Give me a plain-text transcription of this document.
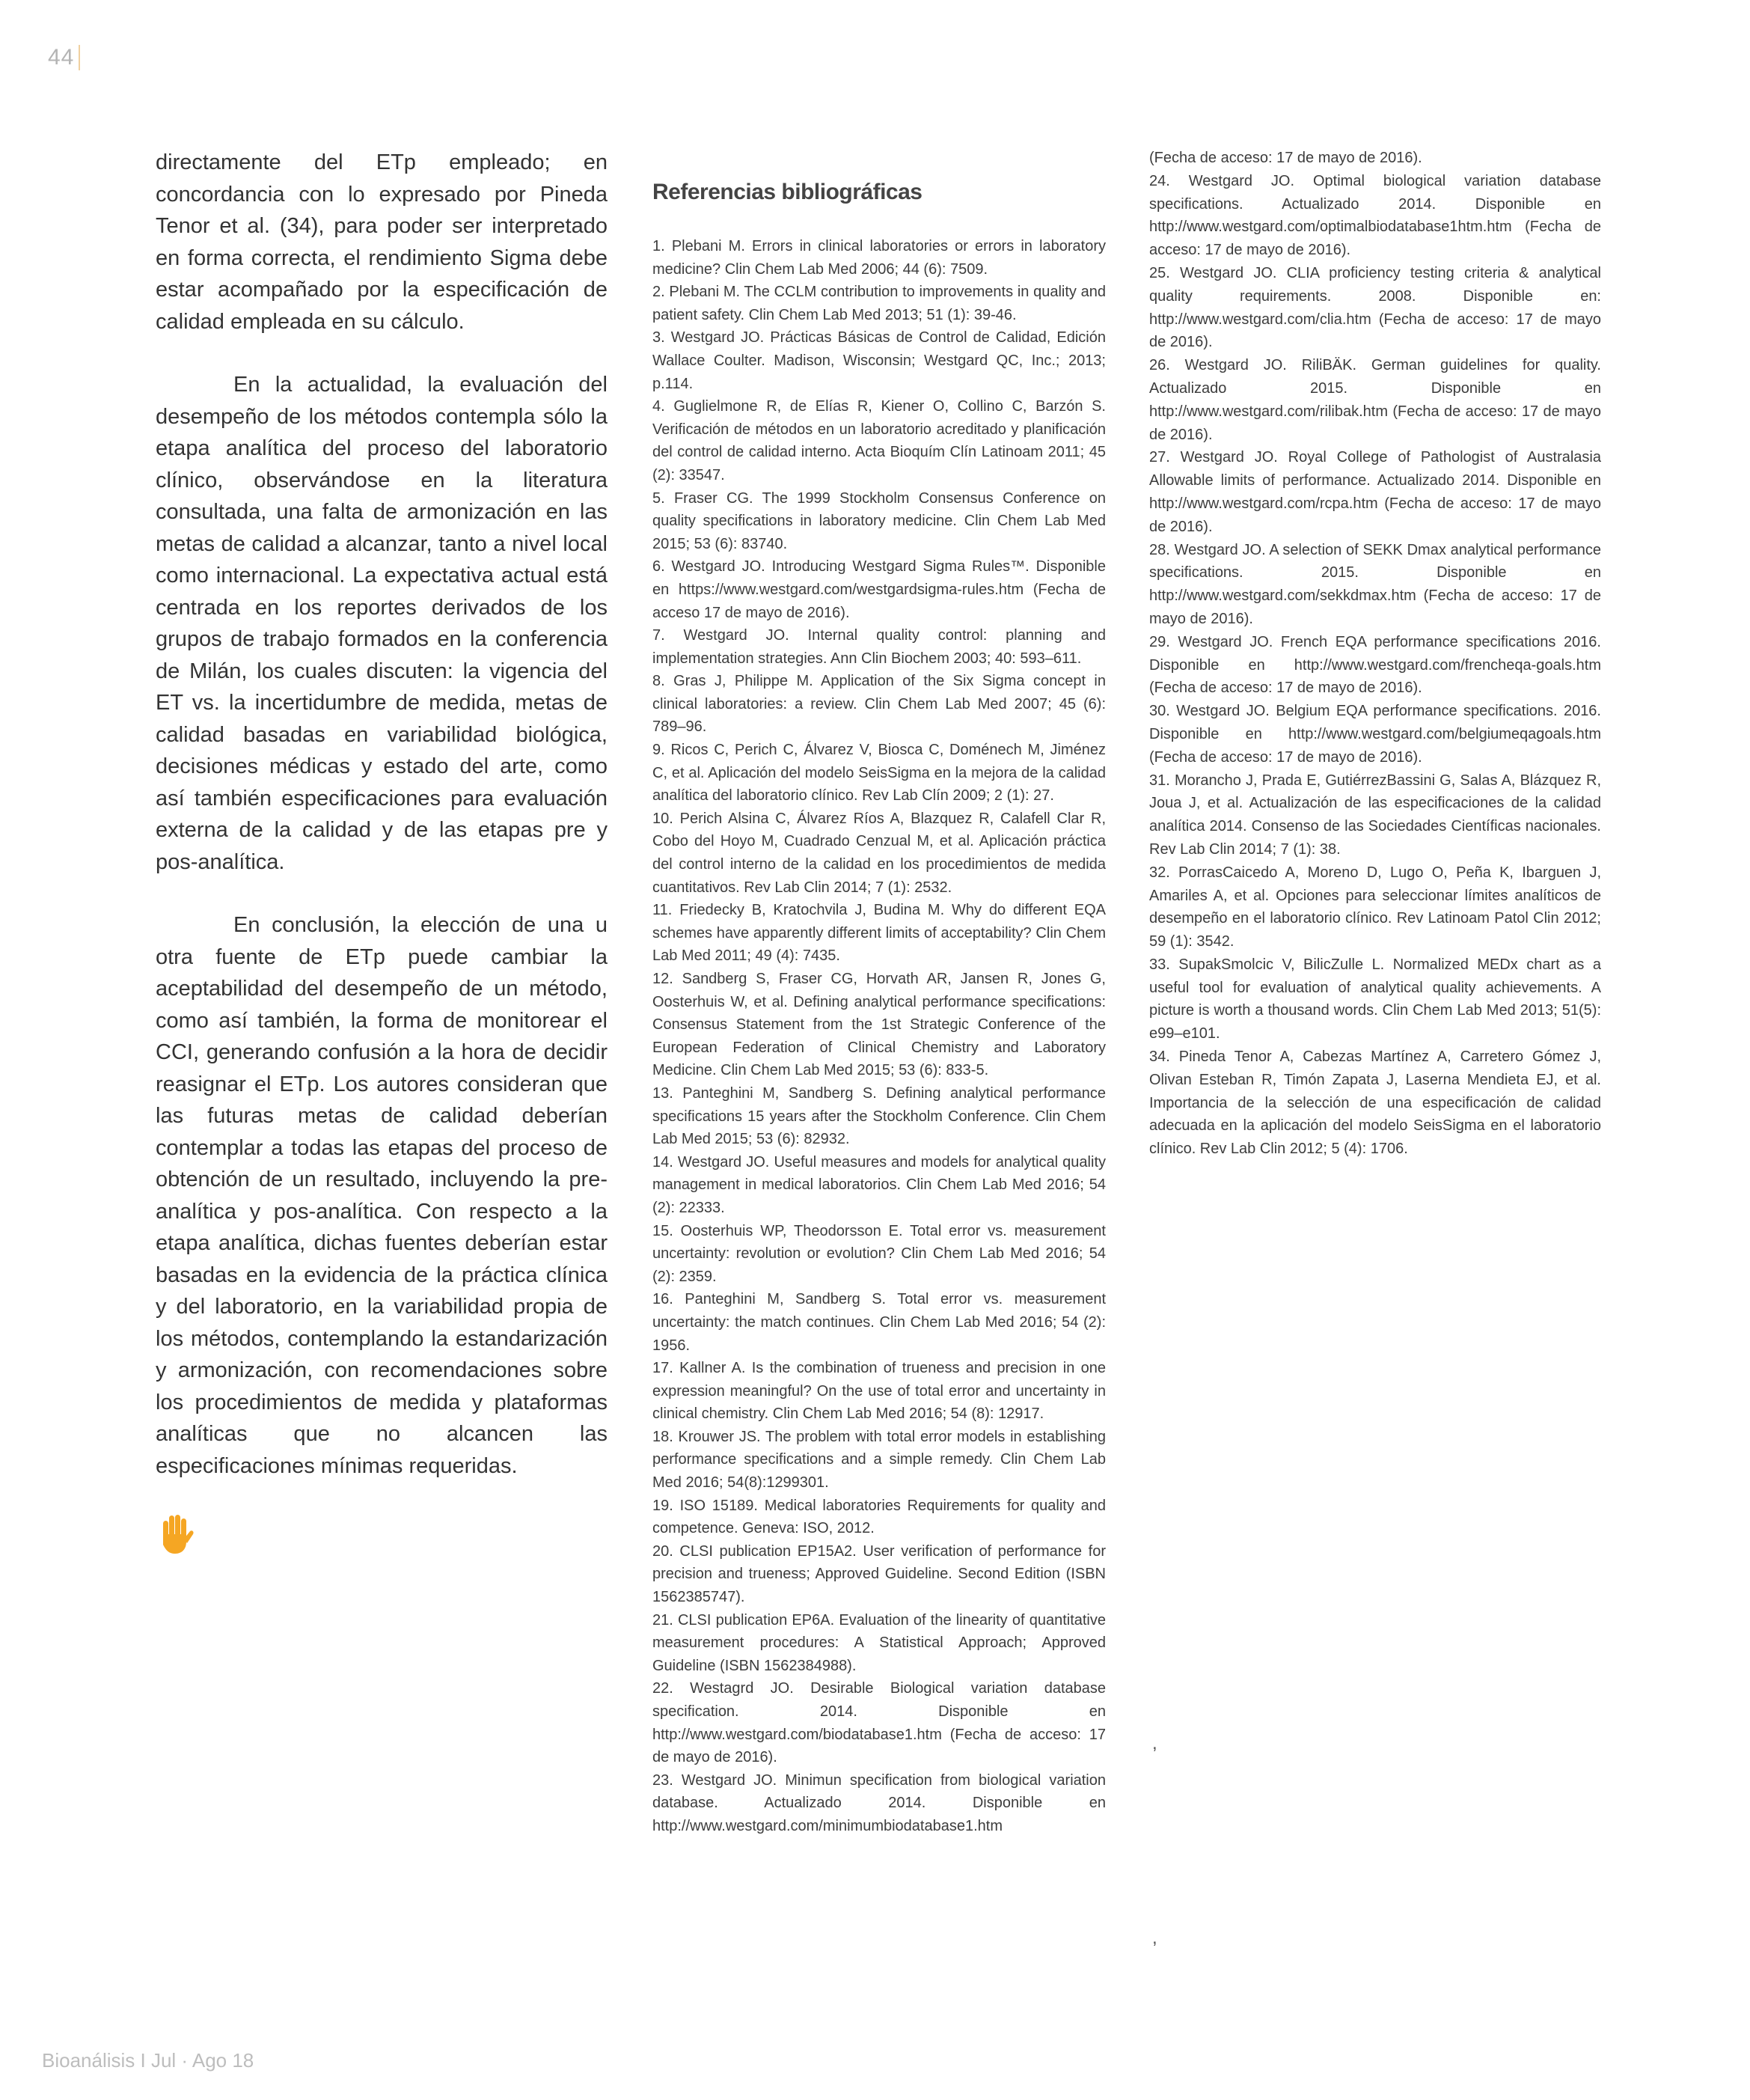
44

directamente del ETp empleado; en concordancia con lo expresado por Pineda Tenor et al. (34), para poder ser interpretado en forma correcta, el rendimiento Sigma debe estar acompañado por la especificación de calidad empleada en su cálculo.

En la actualidad, la evaluación del desempeño de los métodos contempla sólo la etapa analítica del proceso del laboratorio clínico, observándose en la literatura consultada, una falta de armonización en las metas de calidad a alcanzar, tanto a nivel local como internacional. La expectativa actual está centrada en los reportes derivados de los grupos de trabajo formados en la conferencia de Milán, los cuales discuten: la vigencia del ET vs. la incertidumbre de medida, metas de calidad basadas en variabilidad biológica, decisiones médicas y estado del arte, como así también especificaciones para evaluación externa de la calidad y de las etapas pre y pos-analítica.

En conclusión, la elección de una u otra fuente de ETp puede cambiar la aceptabilidad del desempeño de un método, como así también, la forma de monitorear el CCI, generando confusión a la hora de decidir reasignar el ETp. Los autores consideran que las futuras metas de calidad deberían contemplar a todas las etapas del proceso de obtención de un resultado, incluyendo la pre-analítica y pos-analítica. Con respecto a la etapa analítica, dichas fuentes deberían estar basadas en la evidencia de la práctica clínica y del laboratorio, en la variabilidad propia de los métodos, contemplando la estandarización y armonización, con recomendaciones sobre los procedimientos de medida y plataformas analíticas que no alcancen las especificaciones mínimas requeridas.

Referencias bibliográficas

1. Plebani M. Errors in clinical laboratories or errors in laboratory medicine? Clin Chem Lab Med 2006; 44 (6): 7509.

2. Plebani M. The CCLM contribution to improvements in quality and patient safety. Clin Chem Lab Med 2013; 51 (1): 39-46.

3. Westgard JO. Prácticas Básicas de Control de Calidad, Edición Wallace Coulter. Madison, Wisconsin; Westgard QC, Inc.; 2013; p.114.

4. Guglielmone R, de Elías R, Kiener O, Collino C, Barzón S. Verificación de métodos en un laboratorio acreditado y planificación del control de calidad interno. Acta Bioquím Clín Latinoam 2011; 45 (2): 33547.

5. Fraser CG. The 1999 Stockholm Consensus Conference on quality specifications in laboratory medicine. Clin Chem Lab Med 2015; 53 (6): 83740.

6. Westgard JO. Introducing Westgard Sigma Rules™. Disponible en https://www.westgard.com/westgardsigma-rules.htm (Fecha de acceso 17 de mayo de 2016).

7. Westgard JO. Internal quality control: planning and implementation strategies. Ann Clin Biochem 2003; 40: 593–611.

8. Gras J, Philippe M. Application of the Six Sigma concept in clinical laboratories: a review. Clin Chem Lab Med 2007; 45 (6): 789–96.

9. Ricos C, Perich C, Álvarez V, Biosca C, Doménech M, Jiménez C, et al. Aplicación del modelo SeisSigma en la mejora de la calidad analítica del laboratorio clínico. Rev Lab Clín 2009; 2 (1): 27.

10. Perich Alsina C, Álvarez Ríos A, Blazquez R, Calafell Clar R, Cobo del Hoyo M, Cuadrado Cenzual M, et al. Aplicación práctica del control interno de la calidad en los procedimientos de medida cuantitativos. Rev Lab Clin 2014; 7 (1): 2532.

11. Friedecky B, Kratochvila J, Budina M. Why do different EQA schemes have apparently different limits of acceptability? Clin Chem Lab Med 2011; 49 (4): 7435.

12. Sandberg S, Fraser CG, Horvath AR, Jansen R, Jones G, Oosterhuis W, et al. Defining analytical performance specifications: Consensus Statement from the 1st Strategic Conference of the European Federation of Clinical Chemistry and Laboratory Medicine. Clin Chem Lab Med 2015; 53 (6): 833-5.

13. Panteghini M, Sandberg S. Defining analytical performance specifications 15 years after the Stockholm Conference. Clin Chem Lab Med 2015; 53 (6): 82932.

14. Westgard JO. Useful measures and models for analytical quality management in medical laboratorios. Clin Chem Lab Med 2016; 54 (2): 22333.

15. Oosterhuis WP, Theodorsson E. Total error vs. measurement uncertainty: revolution or evolution? Clin Chem Lab Med 2016; 54 (2): 2359.

16. Panteghini M, Sandberg S. Total error vs. measurement uncertainty: the match continues. Clin Chem Lab Med 2016; 54 (2): 1956.

17. Kallner A. Is the combination of trueness and precision in one expression meaningful? On the use of total error and uncertainty in clinical chemistry. Clin Chem Lab Med 2016; 54 (8): 12917.

18. Krouwer JS. The problem with total error models in establishing performance specifications and a simple remedy. Clin Chem Lab Med 2016; 54(8):1299301.

19. ISO 15189. Medical laboratories Requirements for quality and competence. Geneva: ISO, 2012.

20. CLSI publication EP15A2. User verification of performance for precision and trueness; Approved Guideline. Second Edition (ISBN 1562385747).

21. CLSI publication EP6A. Evaluation of the linearity of quantitative measurement procedures: A Statistical Approach; Approved Guideline (ISBN 1562384988).

22. Westagrd JO. Desirable Biological variation database specification. 2014. Disponible en http://www.westgard.com/biodatabase1.htm (Fecha de acceso: 17 de mayo de 2016).

23. Westgard JO. Minimun specification from biological variation database. Actualizado 2014. Disponible en http://www.westgard.com/minimumbiodatabase1.htm

(Fecha de acceso: 17 de mayo de 2016).

24. Westgard JO. Optimal biological variation database specifications. Actualizado 2014. Disponible en http://www.westgard.com/optimalbiodatabase1htm.htm (Fecha de acceso: 17 de mayo de 2016).

25. Westgard JO. CLIA proficiency testing criteria & analytical quality requirements. 2008. Disponible en: http://www.westgard.com/clia.htm (Fecha de acceso: 17 de mayo de 2016).

26. Westgard JO. RiliBÄK. German guidelines for quality. Actualizado 2015. Disponible en http://www.westgard.com/rilibak.htm (Fecha de acceso: 17 de mayo de 2016).

27. Westgard JO. Royal College of Pathologist of Australasia Allowable limits of performance. Actualizado 2014. Disponible en http://www.westgard.com/rcpa.htm (Fecha de acceso: 17 de mayo de 2016).

28. Westgard JO. A selection of SEKK Dmax analytical performance specifications. 2015. Disponible en http://www.westgard.com/sekkdmax.htm (Fecha de acceso: 17 de mayo de 2016).

29. Westgard JO. French EQA performance specifications 2016. Disponible en http://www.westgard.com/frencheqa-goals.htm (Fecha de acceso: 17 de mayo de 2016).

30. Westgard JO. Belgium EQA performance specifications. 2016. Disponible en http://www.westgard.com/belgiumeqagoals.htm (Fecha de acceso: 17 de mayo de 2016).

31. Morancho J, Prada E, GutiérrezBassini G, Salas A, Blázquez R, Joua J, et al. Actualización de las especificaciones de la calidad analítica 2014. Consenso de las Sociedades Científicas nacionales. Rev Lab Clin 2014; 7 (1): 38.

32. PorrasCaicedo A, Moreno D, Lugo O, Peña K, Ibarguen J, Amariles A, et al. Opciones para seleccionar límites analíticos de desempeño en el laboratorio clínico. Rev Latinoam Patol Clin 2012; 59 (1): 3542.

33. SupakSmolcic V, BilicZulle L. Normalized MEDx chart as a useful tool for evaluation of analytical quality achievements. A picture is worth a thousand words. Clin Chem Lab Med 2013; 51(5): e99–e101.

34. Pineda Tenor A, Cabezas Martínez A, Carretero Gómez J, Olivan Esteban R, Timón Zapata J, Laserna Mendieta EJ, et al. Importancia de la selección de una especificación de calidad adecuada en la aplicación del modelo SeisSigma en el laboratorio clínico. Rev Lab Clin 2012; 5 (4): 1706.

,
,
Bioanálisis I Jul · Ago 18
